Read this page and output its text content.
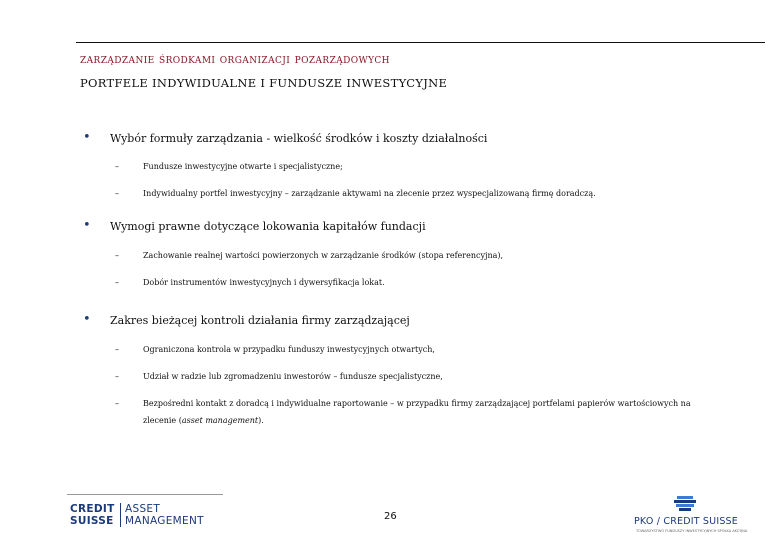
zarządzanie środkami organizacji pozarządowych
PORTFELE INDYWIDUALNE I FUNDUSZE INWESTYCYJNE
• Wybór formuły zarządzania - wielkość środków i koszty działalności
–	Fundusze inwestycyjne otwarte i specjalistyczne;
–	Indywidualny portfel inwestycyjny – zarządzanie aktywami na zlecenie przez wyspecjalizowaną firmę doradczą.
• Wymogi prawne dotyczące lokowania kapitałów fundacji
–	Zachowanie realnej wartości powierzonych w zarządzanie środków (stopa referencyjna),
–	Dobór instrumentów inwestycyjnych i dywersyfikacja lokat.
• Zakres bieżącej kontroli działania firmy zarządzającej
–	Ograniczona kontrola w przypadku funduszy inwestycyjnych otwartych,
–	Udział w radzie lub zgromadzeniu inwestorów – fundusze specjalistyczne,
–	Bezpośredni kontakt z doradcą i indywidualne raportowanie – w przypadku firmy zarządzającej portfelami papierów wartościowych na
zlecenie (asset management).
CREDIT
SUISSE
ASSET
MANAGEMENT	26	PKO / CREDIT SUISSE
TOWARZYSTWO FUNDUSZY INWESTYCYJNYCH SPÓŁKA AKCYJNA
